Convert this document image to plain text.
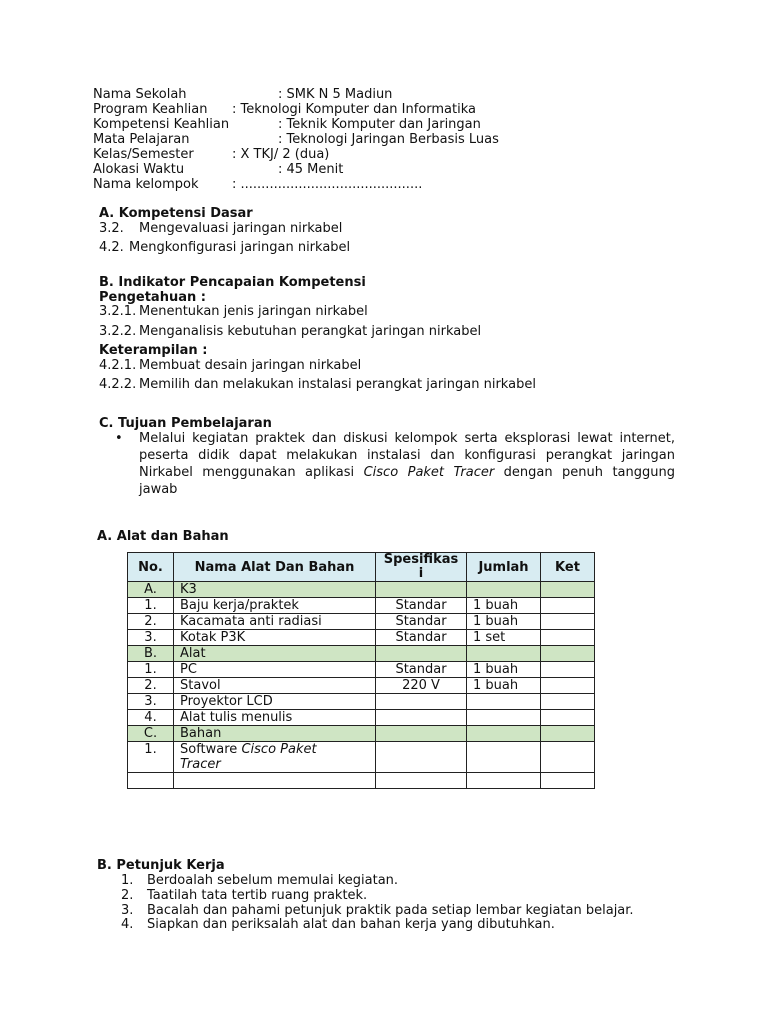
Nama Sekolah	: SMK N 5 Madiun
Program Keahlian : Teknologi Komputer dan Informatika
Kompetensi Keahlian	: Teknik Komputer dan Jaringan
Mata Pelajaran	: Teknologi Jaringan Berbasis Luas
Kelas/Semester	: X TKJ/ 2 (dua)
Alokasi Waktu	: 45 Menit
Nama kelompok	: ............................................
A. Kompetensi Dasar
3.2. Mengevaluasi jaringan nirkabel
4.2. Mengkonfigurasi jaringan nirkabel
B. Indikator Pencapaian Kompetensi
Pengetahuan :
3.2.1. Menentukan jenis jaringan nirkabel
3.2.2. Menganalisis kebutuhan perangkat jaringan nirkabel
Keterampilan :
4.2.1. Membuat desain jaringan nirkabel
4.2.2. Memilih dan melakukan instalasi perangkat jaringan nirkabel
C. Tujuan Pembelajaran
• Melalui kegiatan praktek dan diskusi kelompok serta eksplorasi lewat internet, peserta didik dapat melakukan instalasi dan konfigurasi perangkat jaringan Nirkabel menggunakan aplikasi Cisco Paket Tracer dengan penuh tanggung jawab
A. Alat dan Bahan
No.	Nama Alat Dan Bahan	Spesifikasi	Jumlah	Ket
A.	K3			
1.	Baju kerja/praktek	Standar	1 buah	
2.	Kacamata anti radiasi	Standar	1 buah	
3.	Kotak P3K	Standar	1 set	
B.	Alat			
1.	PC	Standar	1 buah	
2.	Stavol	220 V	1 buah	
3.	Proyektor LCD			
4.	Alat tulis menulis			
C.	Bahan			
1.	Software Cisco Paket
Tracer			

B. Petunjuk Kerja
1. Berdoalah sebelum memulai kegiatan.
2. Taatilah tata tertib ruang praktek.
3. Bacalah dan pahami petunjuk praktik pada setiap lembar kegiatan belajar.
4. Siapkan dan periksalah alat dan bahan kerja yang dibutuhkan.
